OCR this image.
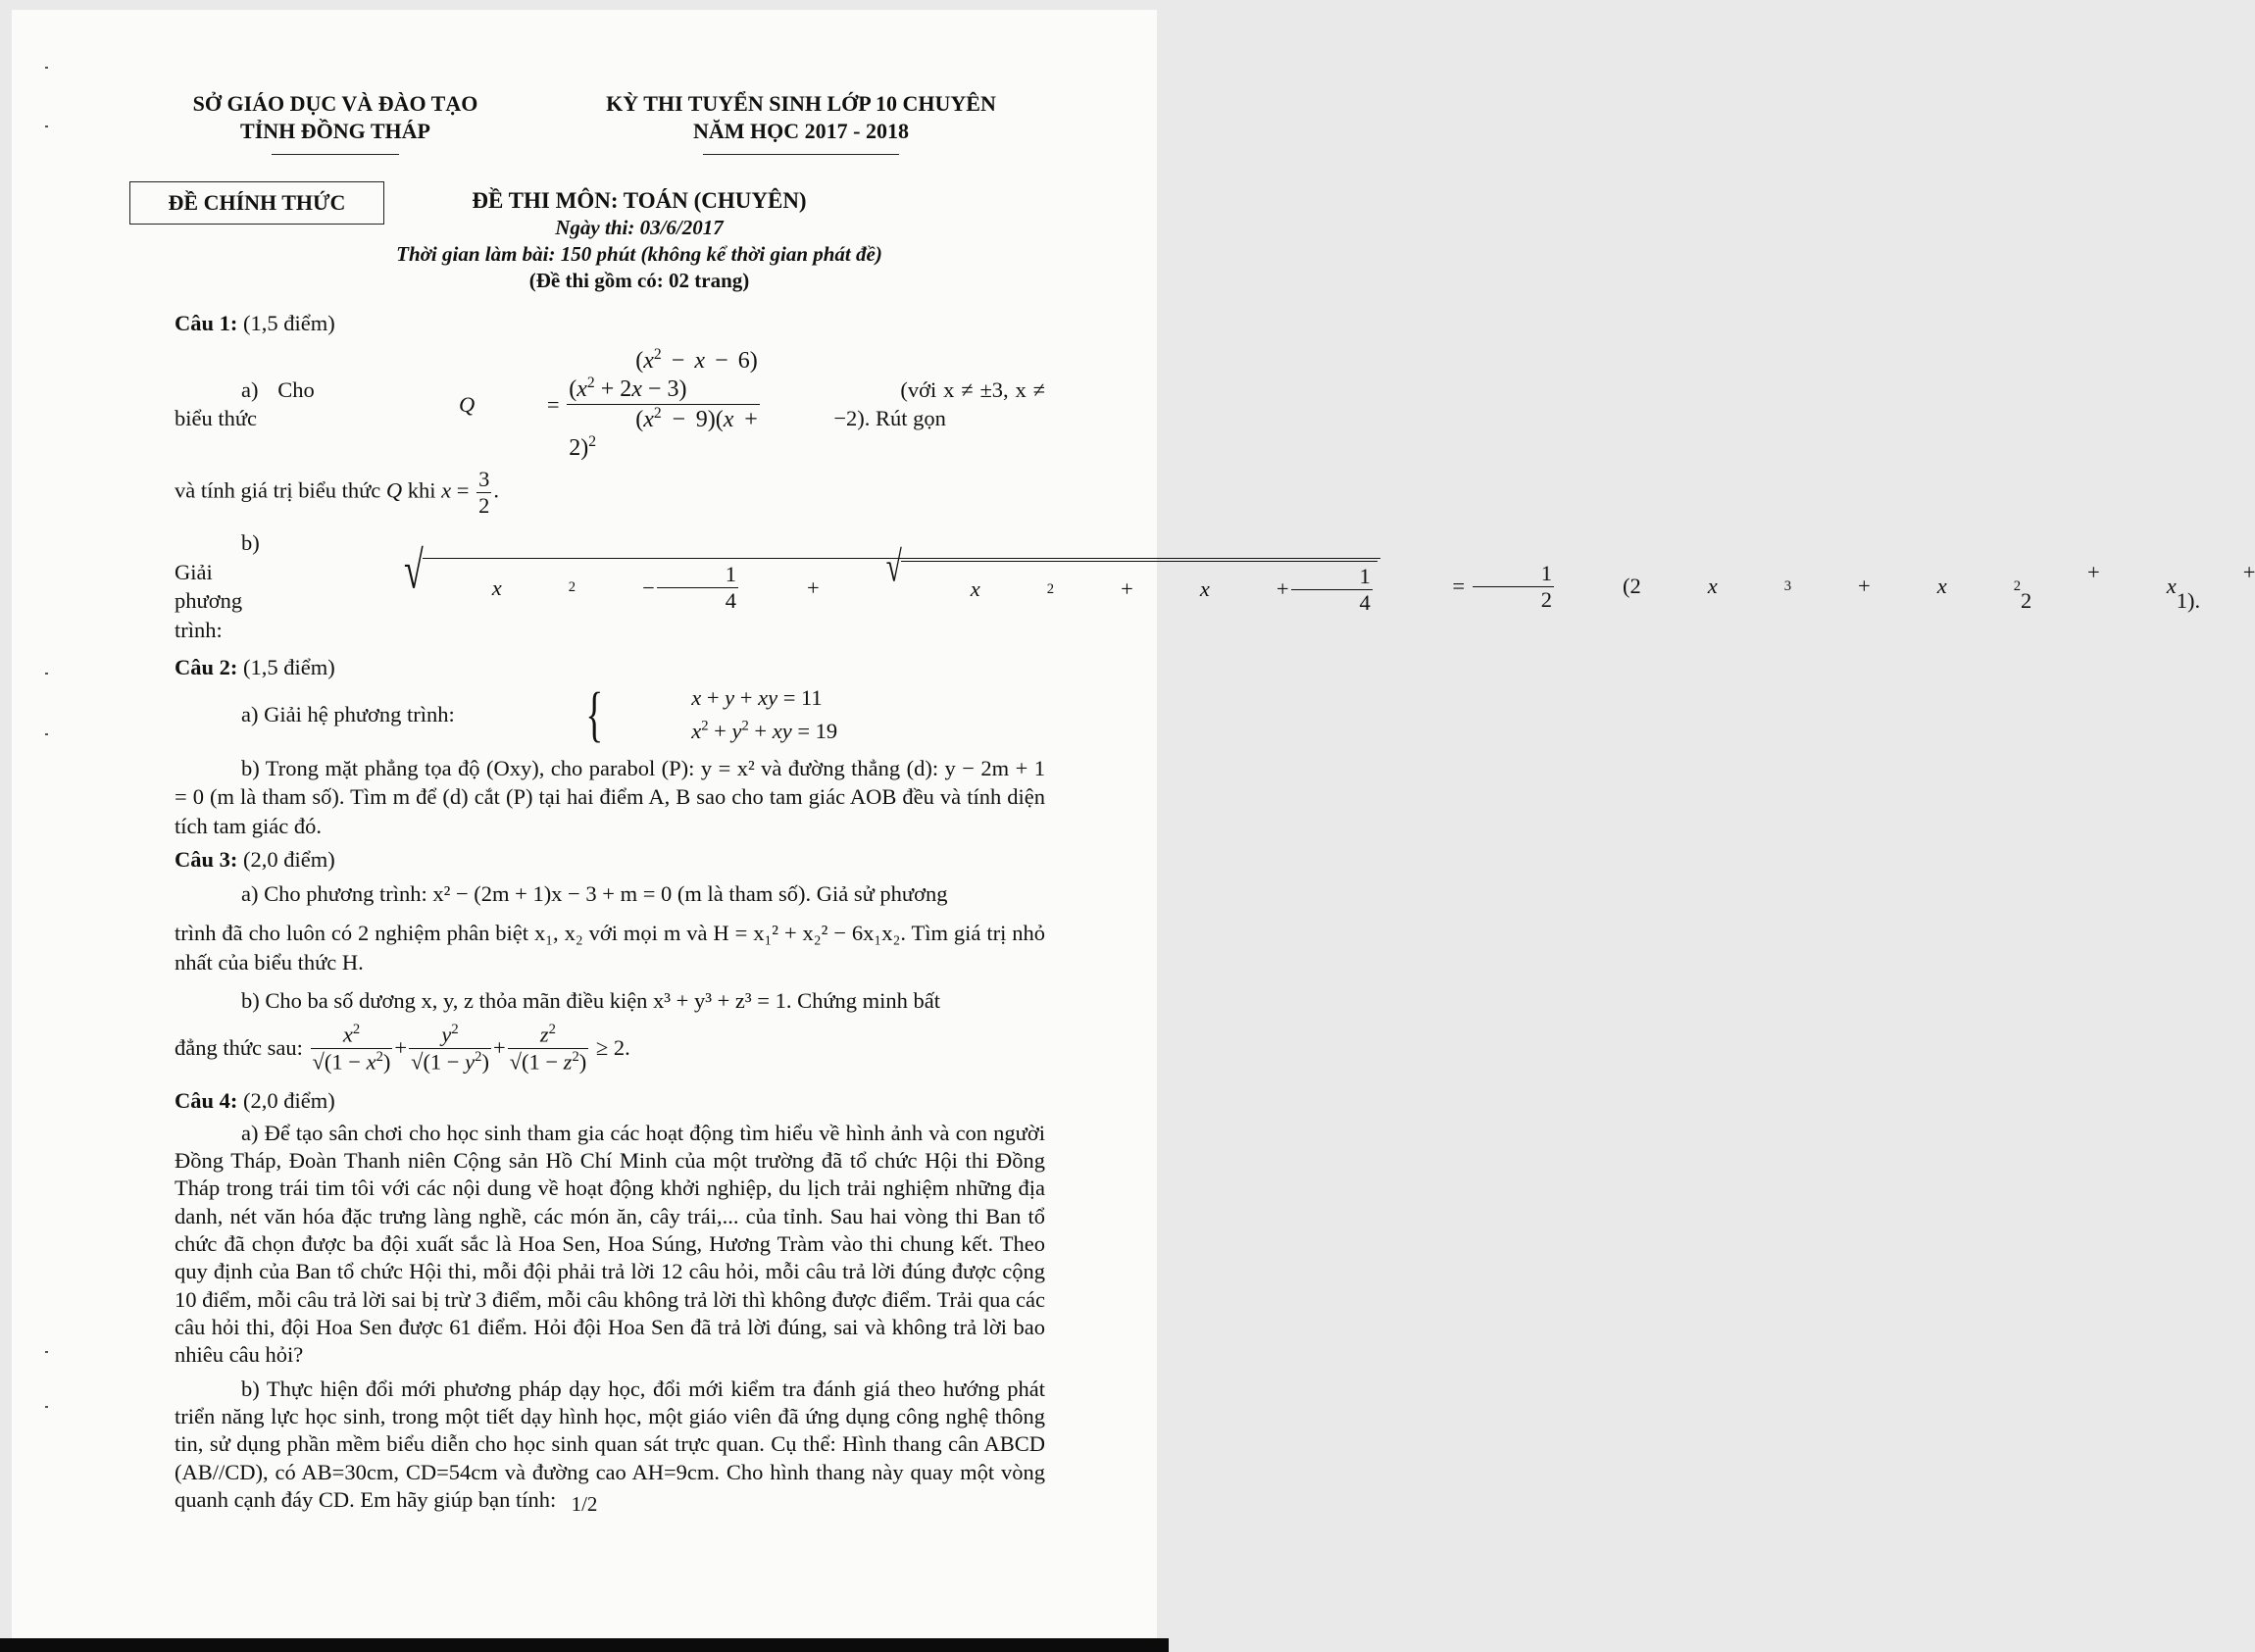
SỞ GIÁO DỤC VÀ ĐÀO TẠO
TỈNH ĐỒNG THÁP
KỲ THI TUYỂN SINH LỚP 10 CHUYÊN
NĂM HỌC 2017 - 2018
ĐỀ CHÍNH THỨC	ĐỀ THI MÔN: TOÁN (CHUYÊN)
Ngày thi: 03/6/2017
Thời gian làm bài: 150 phút (không kể thời gian phát đề)
(Đề thi gồm có: 02 trang)

Câu 1: (1,5 điểm)

a) Cho biểu thức

Q	=
$(x^2 - x - 6)(x^2 + 2x - 3)$
$(x^2 - 9)(x + 2)^2$

(với x ≠ ±3, x ≠ −2). Rút gọn

và tính giá trị biểu thức Q khi $x = \frac{3}{2}$ .

b) Giải phương trình:

√	x	2	−
1
4
+	√	x	2	+	x	+
1
4
=
1
2
(2	x	3	+	x	2
+ 2
x
+ 1).

Câu 2: (1,5 điểm)

a) Giải hệ phương trình:
	{	x + y + xy = 11
$x^2 + y^2$ + xy = 19

b) Trong mặt phẳng tọa độ (Oxy), cho parabol (P): y = x² và đường thẳng (d): y − 2m + 1 = 0 (m là tham số). Tìm m để (d) cắt (P) tại hai điểm A, B sao cho tam giác AOB đều và tính diện tích tam giác đó.

Câu 3: (2,0 điểm)

a) Cho phương trình: x² − (2m + 1)x − 3 + m = 0 (m là tham số). Giả sử phương

trình đã cho luôn có 2 nghiệm phân biệt x₁, x₂ với mọi m và H = x₁² + x₂² − 6x₁x₂. Tìm giá trị nhỏ nhất của biểu thức H.

b) Cho ba số dương x, y, z thỏa mãn điều kiện x³ + y³ + z³ = 1. Chứng minh bất

đẳng thức sau:

$x^2$
$√(1 - x^2)$
+
$y^2$
$√(1 - y^2)$
+ $\frac{z^2}{√(1 - z^2)}$
≥ 2.

Câu 4: (2,0 điểm)

a) Để tạo sân chơi cho học sinh tham gia các hoạt động tìm hiểu về hình ảnh và con người Đồng Tháp, Đoàn Thanh niên Cộng sản Hồ Chí Minh của một trường đã tổ chức Hội thi Đồng Tháp trong trái tim tôi với các nội dung về hoạt động khởi nghiệp, du lịch trải nghiệm những địa danh, nét văn hóa đặc trưng làng nghề, các món ăn, cây trái,... của tỉnh. Sau hai vòng thi Ban tổ chức đã chọn được ba đội xuất sắc là Hoa Sen, Hoa Súng, Hương Tràm vào thi chung kết. Theo quy định của Ban tổ chức Hội thi, mỗi đội phải trả lời 12 câu hỏi, mỗi câu trả lời đúng được cộng 10 điểm, mỗi câu trả lời sai bị trừ 3 điểm, mỗi câu không trả lời thì không được điểm. Trải qua các câu hỏi thi, đội Hoa Sen được 61 điểm. Hỏi đội Hoa Sen đã trả lời đúng, sai và không trả lời bao nhiêu câu hỏi?

b) Thực hiện đổi mới phương pháp dạy học, đổi mới kiểm tra đánh giá theo hướng phát triển năng lực học sinh, trong một tiết dạy hình học, một giáo viên đã ứng dụng công nghệ thông tin, sử dụng phần mềm biểu diễn cho học sinh quan sát trực quan. Cụ thể: Hình thang cân ABCD (AB//CD), có AB=30cm, CD=54cm và đường cao AH=9cm. Cho hình thang này quay một vòng quanh cạnh đáy CD. Em hãy giúp bạn tính: 1/2
